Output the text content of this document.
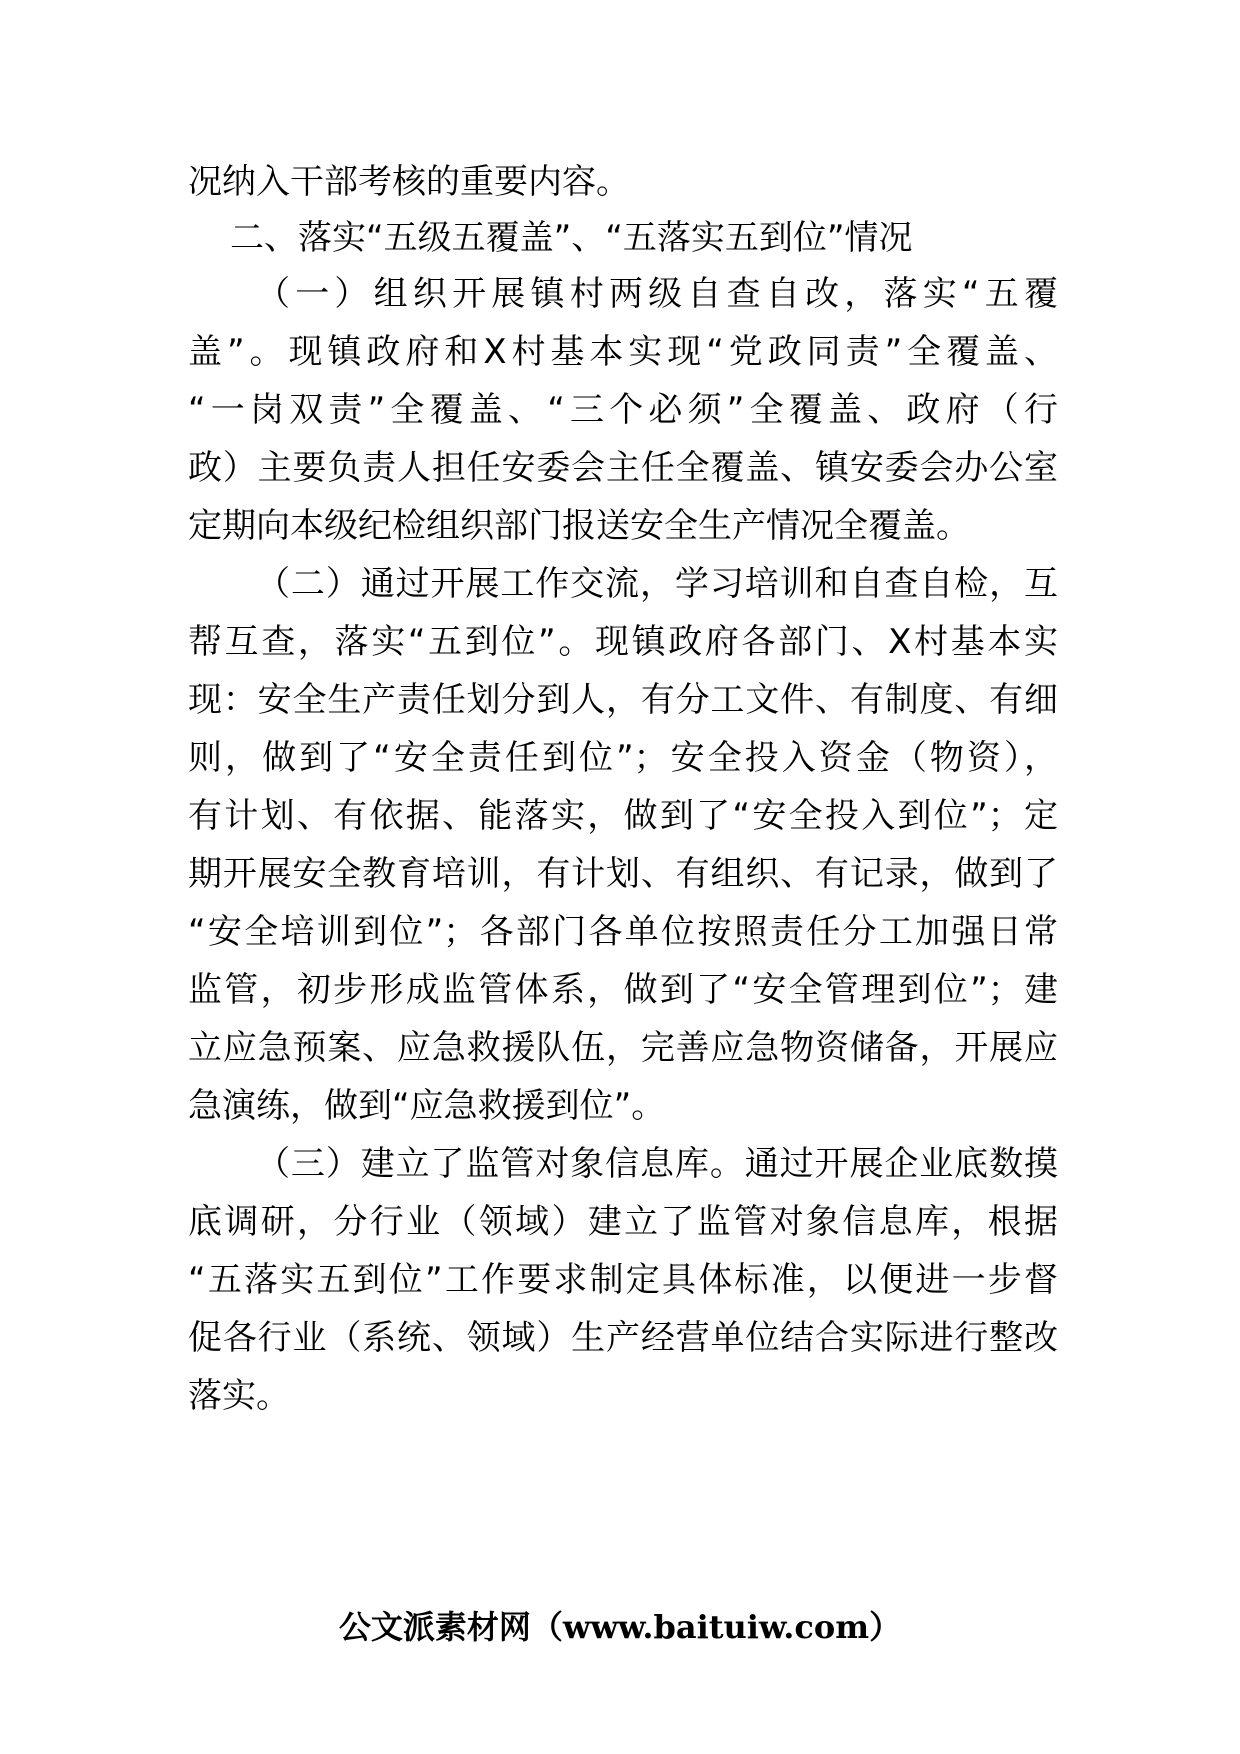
况纳入干部考核的重要内容。
二、落实“五级五覆盖”、“五落实五到位”情况
（一）组织开展镇村两级自查自改，落实“五覆
盖”。现镇政府和X村基本实现“党政同责”全覆盖、
“一岗双责”全覆盖、“三个必须”全覆盖、政府（行
政）主要负责人担任安委会主任全覆盖、镇安委会办公室
定期向本级纪检组织部门报送安全生产情况全覆盖。
（二）通过开展工作交流，学习培训和自查自检，互
帮互查，落实“五到位”。现镇政府各部门、X村基本实
现：安全生产责任划分到人，有分工文件、有制度、有细
则，做到了“安全责任到位”；安全投入资金（物资），
有计划、有依据、能落实，做到了“安全投入到位”；定
期开展安全教育培训，有计划、有组织、有记录，做到了
“安全培训到位”；各部门各单位按照责任分工加强日常
监管，初步形成监管体系，做到了“安全管理到位”；建
立应急预案、应急救援队伍，完善应急物资储备，开展应
急演练，做到“应急救援到位”。
（三）建立了监管对象信息库。通过开展企业底数摸
底调研，分行业（领域）建立了监管对象信息库，根据
“五落实五到位”工作要求制定具体标准，以便进一步督
促各行业（系统、领域）生产经营单位结合实际进行整改
落实。
公文派素材网（www.baituiw.com）
